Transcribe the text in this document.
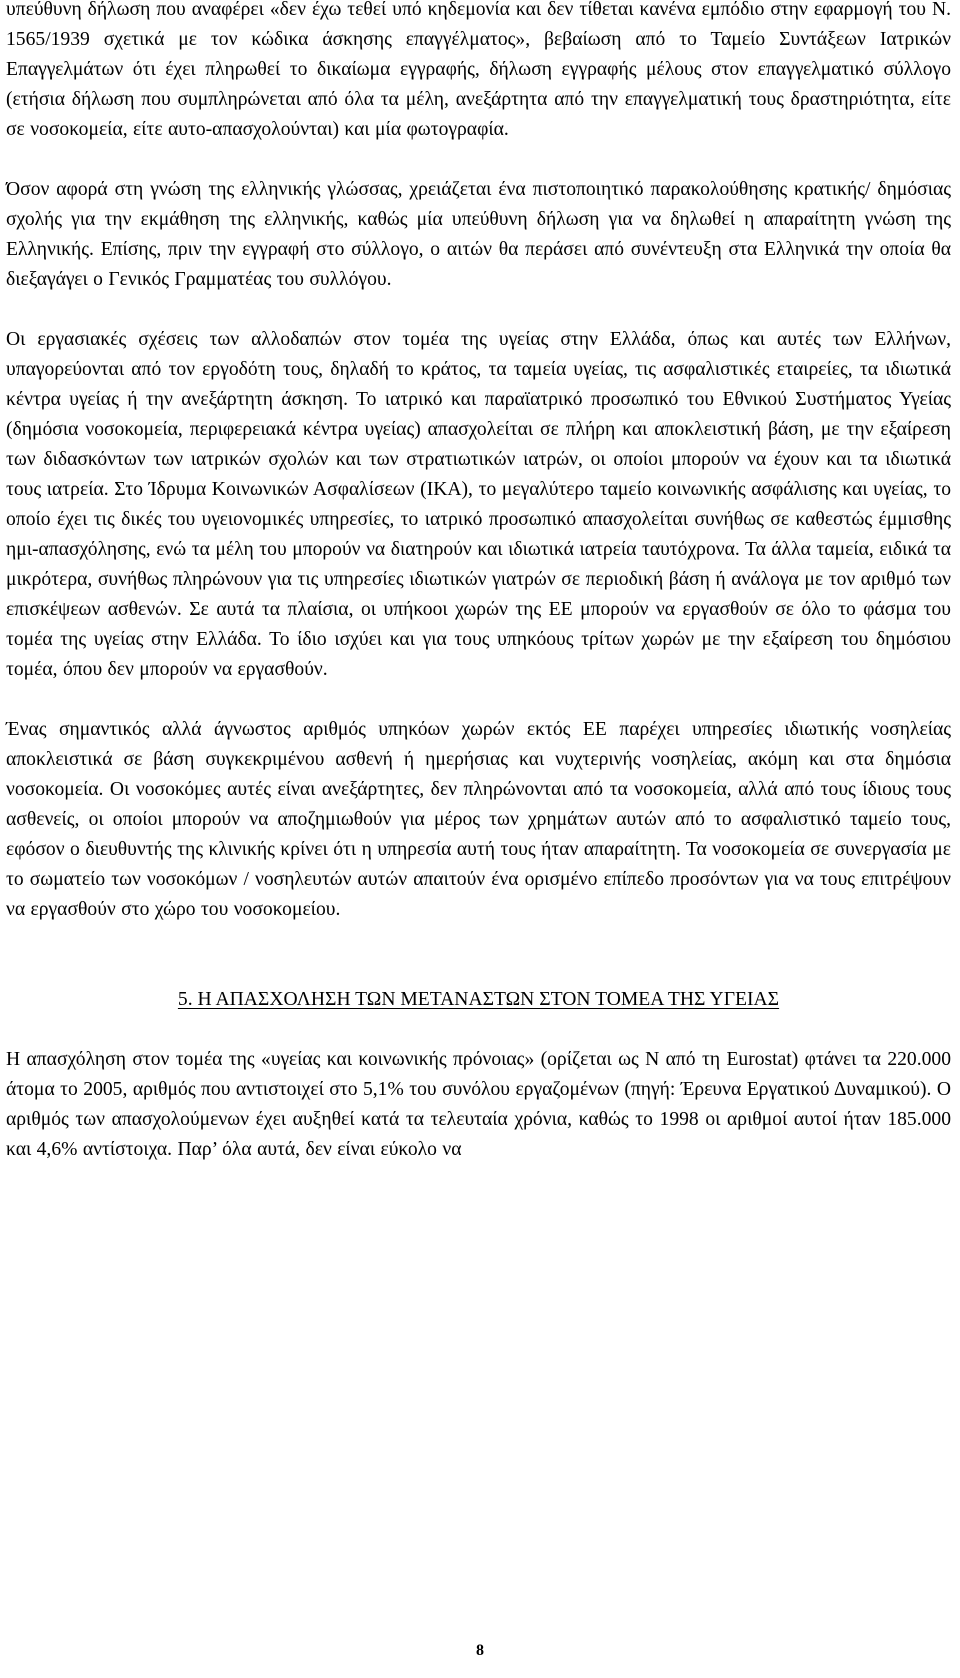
υπεύθυνη δήλωση που αναφέρει «δεν έχω τεθεί υπό κηδεμονία και δεν τίθεται κανένα εμπόδιο στην εφαρμογή του Ν. 1565/1939 σχετικά με τον κώδικα άσκησης επαγγέλματος», βεβαίωση από το Ταμείο Συντάξεων Ιατρικών Επαγγελμάτων ότι έχει πληρωθεί το δικαίωμα εγγραφής, δήλωση εγγραφής μέλους στον επαγγελματικό σύλλογο (ετήσια δήλωση που συμπληρώνεται από όλα τα μέλη, ανεξάρτητα από την επαγγελματική τους δραστηριότητα, είτε σε νοσοκομεία, είτε αυτο-απασχολούνται) και μία φωτογραφία.

Όσον αφορά στη γνώση της ελληνικής γλώσσας, χρειάζεται ένα πιστοποιητικό παρακολούθησης κρατικής/ δημόσιας σχολής για την εκμάθηση της ελληνικής, καθώς μία υπεύθυνη δήλωση για να δηλωθεί η απαραίτητη γνώση της Ελληνικής. Επίσης, πριν την εγγραφή στο σύλλογο, ο αιτών θα περάσει από συνέντευξη στα Ελληνικά την οποία θα διεξαγάγει ο Γενικός Γραμματέας του συλλόγου.

Οι εργασιακές σχέσεις των αλλοδαπών στον τομέα της υγείας στην Ελλάδα, όπως και αυτές των Ελλήνων, υπαγορεύονται από τον εργοδότη τους, δηλαδή το κράτος, τα ταμεία υγείας, τις ασφαλιστικές εταιρείες, τα ιδιωτικά κέντρα υγείας ή την ανεξάρτητη άσκηση. Το ιατρικό και παραϊατρικό προσωπικό του Εθνικού Συστήματος Υγείας (δημόσια νοσοκομεία, περιφερειακά κέντρα υγείας) απασχολείται σε πλήρη και αποκλειστική βάση, με την εξαίρεση των διδασκόντων των ιατρικών σχολών και των στρατιωτικών ιατρών, οι οποίοι μπορούν να έχουν και τα ιδιωτικά τους ιατρεία. Στο Ίδρυμα Κοινωνικών Ασφαλίσεων (ΙΚΑ), το μεγαλύτερο ταμείο κοινωνικής ασφάλισης και υγείας, το οποίο έχει τις δικές του υγειονομικές υπηρεσίες, το ιατρικό προσωπικό απασχολείται συνήθως σε καθεστώς έμμισθης ημι-απασχόλησης, ενώ τα μέλη του μπορούν να διατηρούν και ιδιωτικά ιατρεία ταυτόχρονα. Τα άλλα ταμεία, ειδικά τα μικρότερα, συνήθως πληρώνουν για τις υπηρεσίες ιδιωτικών γιατρών σε περιοδική βάση ή ανάλογα με τον αριθμό των επισκέψεων ασθενών. Σε αυτά τα πλαίσια, οι υπήκοοι χωρών της ΕΕ μπορούν να εργασθούν σε όλο το φάσμα του τομέα της υγείας στην Ελλάδα. Το ίδιο ισχύει και για τους υπηκόους τρίτων χωρών με την εξαίρεση του δημόσιου τομέα, όπου δεν μπορούν να εργασθούν.

Ένας σημαντικός αλλά άγνωστος αριθμός υπηκόων χωρών εκτός ΕΕ παρέχει υπηρεσίες ιδιωτικής νοσηλείας αποκλειστικά σε βάση συγκεκριμένου ασθενή ή ημερήσιας και νυχτερινής νοσηλείας, ακόμη και στα δημόσια νοσοκομεία. Οι νοσοκόμες αυτές είναι ανεξάρτητες, δεν πληρώνονται από τα νοσοκομεία, αλλά από τους ίδιους τους ασθενείς, οι οποίοι μπορούν να αποζημιωθούν για μέρος των χρημάτων αυτών από το ασφαλιστικό ταμείο τους, εφόσον ο διευθυντής της κλινικής κρίνει ότι η υπηρεσία αυτή τους ήταν απαραίτητη. Τα νοσοκομεία σε συνεργασία με το σωματείο των νοσοκόμων / νοσηλευτών αυτών απαιτούν ένα ορισμένο επίπεδο προσόντων για να τους επιτρέψουν να εργασθούν στο χώρο του νοσοκομείου.

5. Η ΑΠΑΣΧΟΛΗΣΗ ΤΩΝ ΜΕΤΑΝΑΣΤΩΝ ΣΤΟΝ ΤΟΜΕΑ ΤΗΣ ΥΓΕΙΑΣ

Η απασχόληση στον τομέα της «υγείας και κοινωνικής πρόνοιας» (ορίζεται ως Ν από τη Eurostat) φτάνει τα 220.000 άτομα το 2005, αριθμός που αντιστοιχεί στο 5,1% του συνόλου εργαζομένων (πηγή: Έρευνα Εργατικού Δυναμικού). Ο αριθμός των απασχολούμενων έχει αυξηθεί κατά τα τελευταία χρόνια, καθώς το 1998 οι αριθμοί αυτοί ήταν 185.000 και 4,6% αντίστοιχα. Παρ’ όλα αυτά, δεν είναι εύκολο να

8
